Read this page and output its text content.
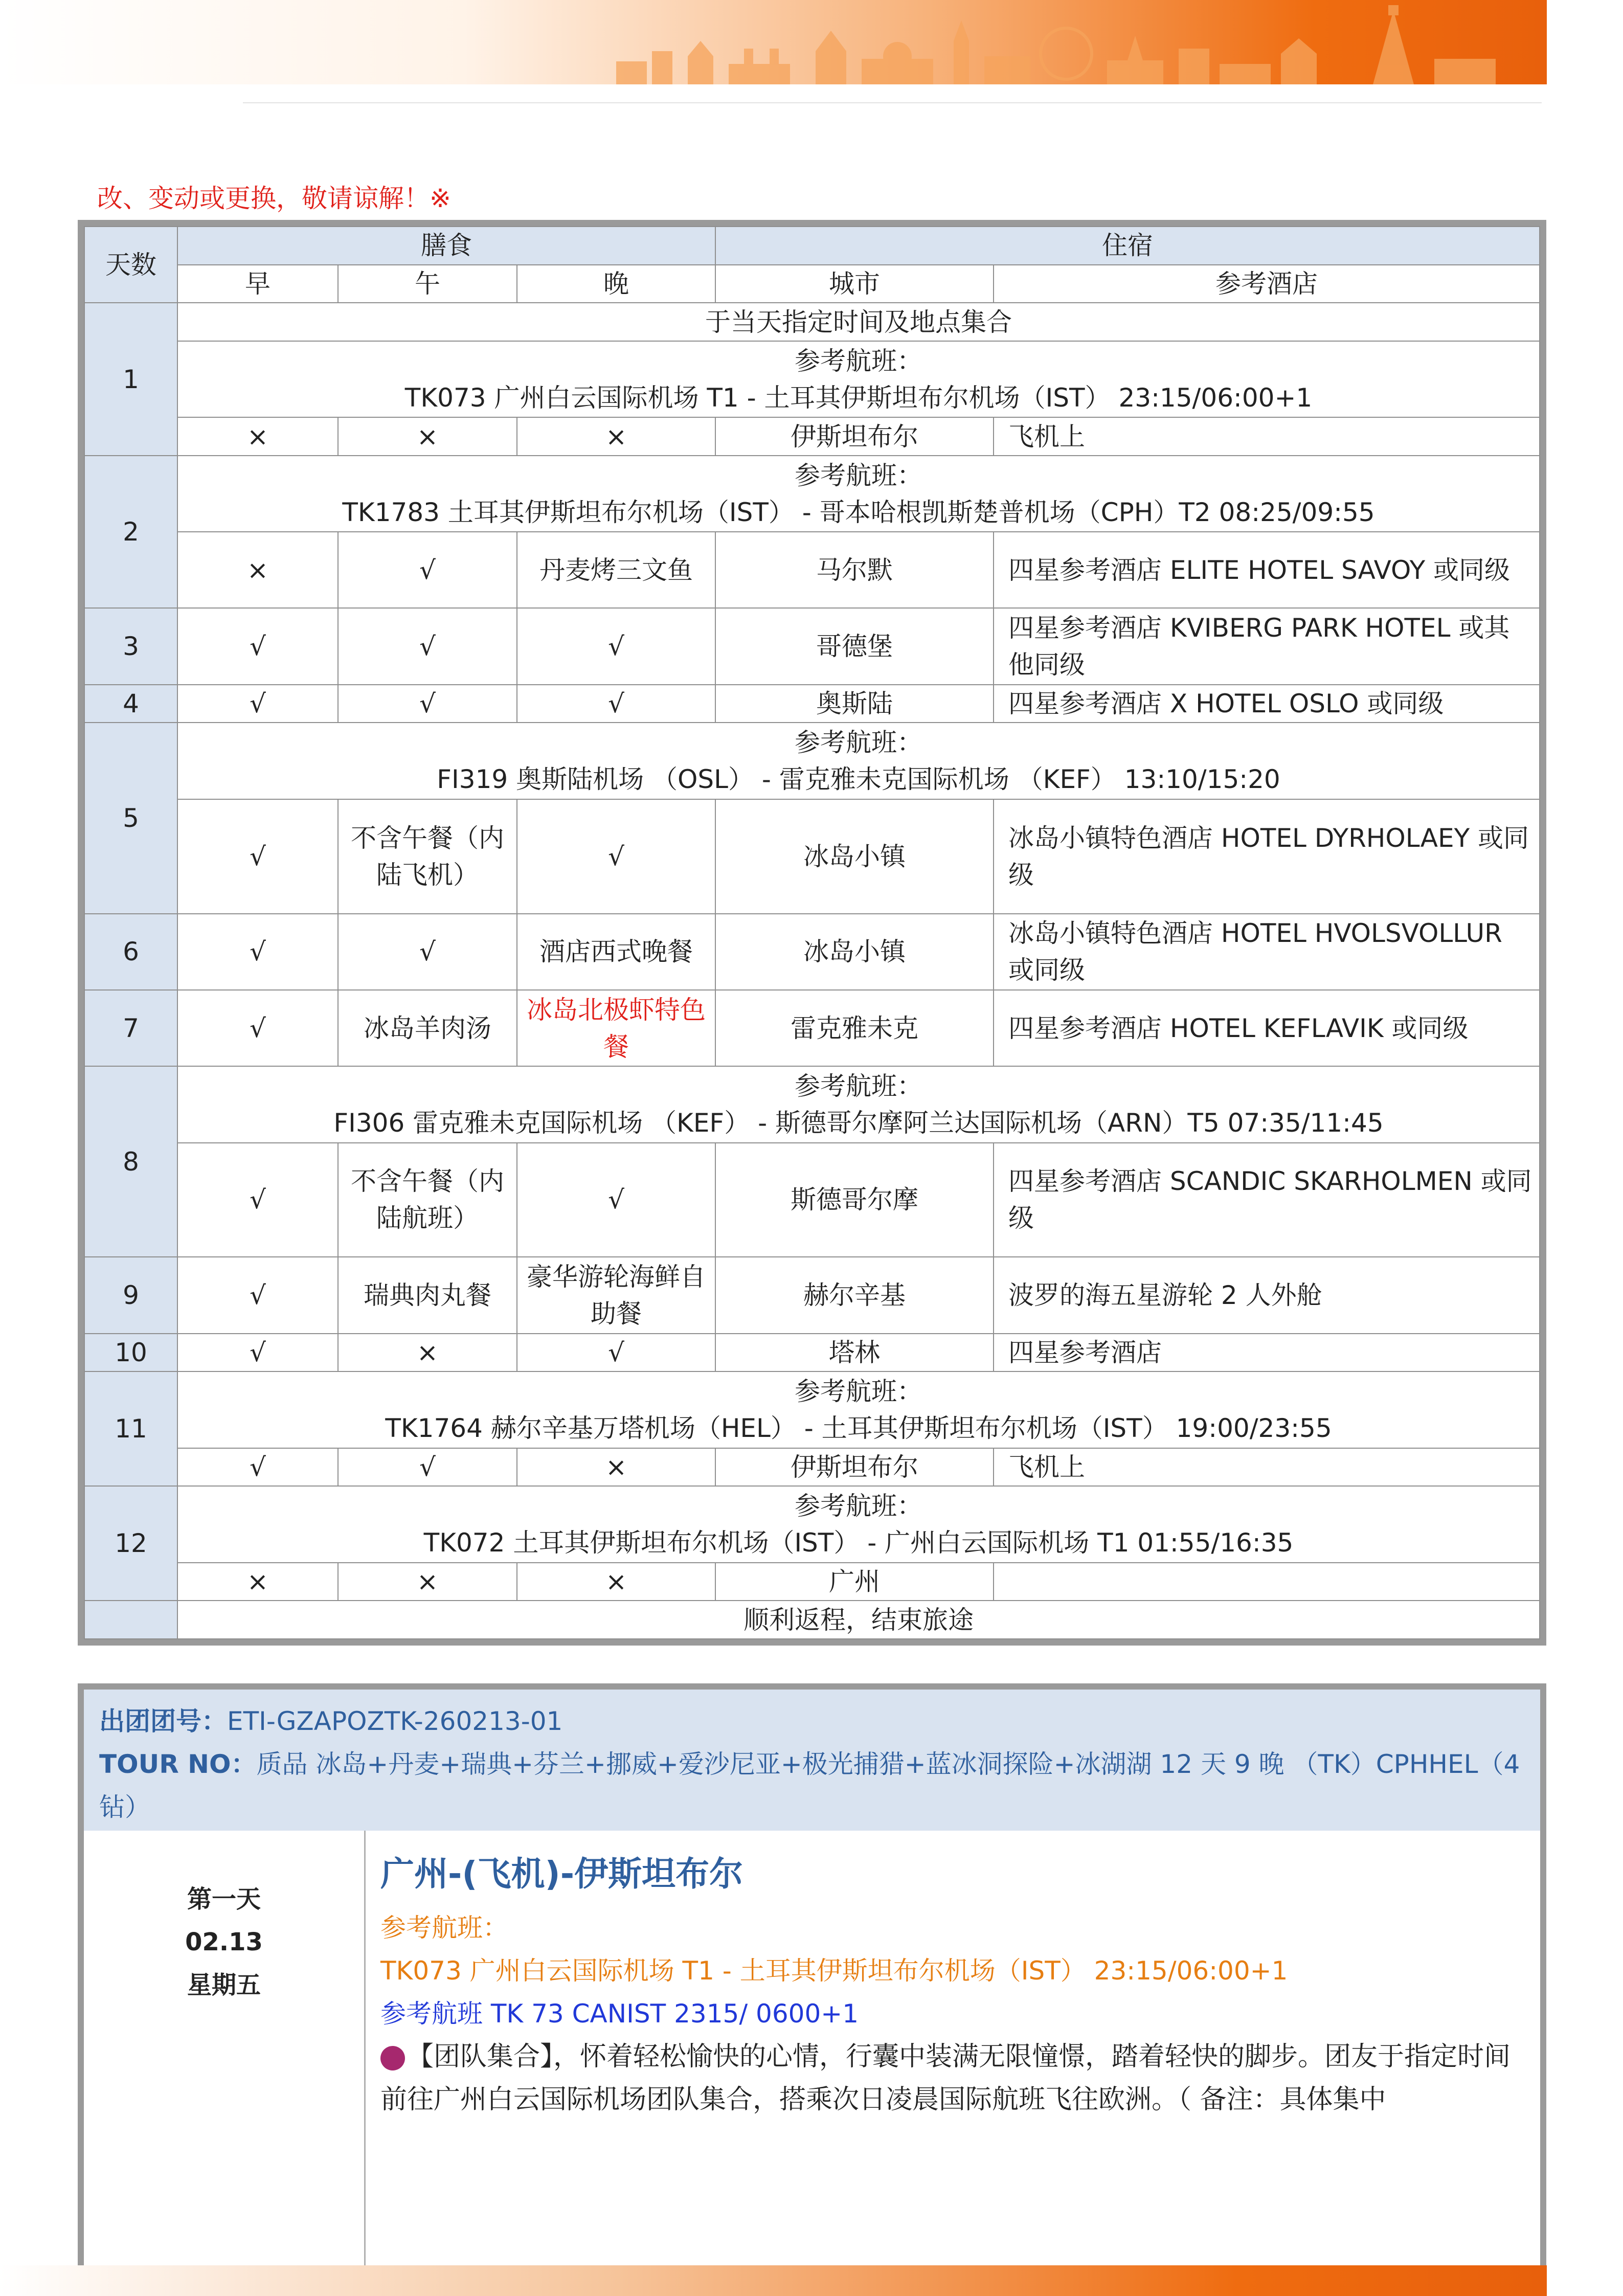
改、变动或更换，敬请谅解！※
天数	膳食			住宿	
	早	午	晚	城市	参考酒店
1	于当天指定时间及地点集合				

	参考航班：
TK073 广州白云国际机场 T1 - 土耳其伊斯坦布尔机场（IST） 23:15/06:00+1				

	×	×	×	伊斯坦布尔	飞机上
2	参考航班：
TK1783 土耳其伊斯坦布尔机场（IST） - 哥本哈根凯斯楚普机场（CPH）T2 08:25/09:55				

	×	√	丹麦烤三文鱼	马尔默	四星参考酒店 ELITE HOTEL SAVOY 或同级
3	√	√	√	哥德堡	四星参考酒店 KVIBERG PARK HOTEL 或其他同级
4	√	√	√	奥斯陆	四星参考酒店 X HOTEL OSLO 或同级
5	参考航班：
FI319 奥斯陆机场 （OSL） - 雷克雅未克国际机场 （KEF） 13:10/15:20				

	√	不含午餐（内陆飞机）	√	冰岛小镇	冰岛小镇特色酒店 HOTEL DYRHOLAEY 或同级
6	√	√	酒店西式晚餐	冰岛小镇	冰岛小镇特色酒店 HOTEL HVOLSVOLLUR 或同级
7	√	冰岛羊肉汤	冰岛北极虾特色餐	雷克雅未克	四星参考酒店 HOTEL KEFLAVIK 或同级
8	参考航班：
FI306 雷克雅未克国际机场 （KEF） - 斯德哥尔摩阿兰达国际机场（ARN）T5 07:35/11:45				

	√	不含午餐（内陆航班）	√	斯德哥尔摩	四星参考酒店 SCANDIC SKARHOLMEN 或同级
9	√	瑞典肉丸餐	豪华游轮海鲜自助餐	赫尔辛基	波罗的海五星游轮 2 人外舱
10	√	×	√	塔林	四星参考酒店
11	参考航班：
TK1764 赫尔辛基万塔机场（HEL） - 土耳其伊斯坦布尔机场（IST） 19:00/23:55				

	√	√	×	伊斯坦布尔	飞机上
12	参考航班：
TK072 土耳其伊斯坦布尔机场（IST） - 广州白云国际机场 T1 01:55/16:35				

	×	×	×	广州	
	顺利返程，结束旅途				
出团团号：ETI-GZAPOZTK-260213-01
TOUR NO：质品 冰岛+丹麦+瑞典+芬兰+挪威+爱沙尼亚+极光捕猎+蓝冰洞探险+冰湖湖 12 天 9 晚 （TK）CPHHEL（4 钻）
第一天
02.13
星期五
广州-(飞机)-伊斯坦布尔
参考航班：
TK073 广州白云国际机场 T1 - 土耳其伊斯坦布尔机场（IST） 23:15/06:00+1
参考航班 TK 73 CANIST 2315/ 0600+1
【团队集合】，怀着轻松愉快的心情，行囊中装满无限憧憬，踏着轻快的脚步。团友于指定时间前往广州白云国际机场团队集合，搭乘次日凌晨国际航班飞往欧洲。（ 备注：具体集中
